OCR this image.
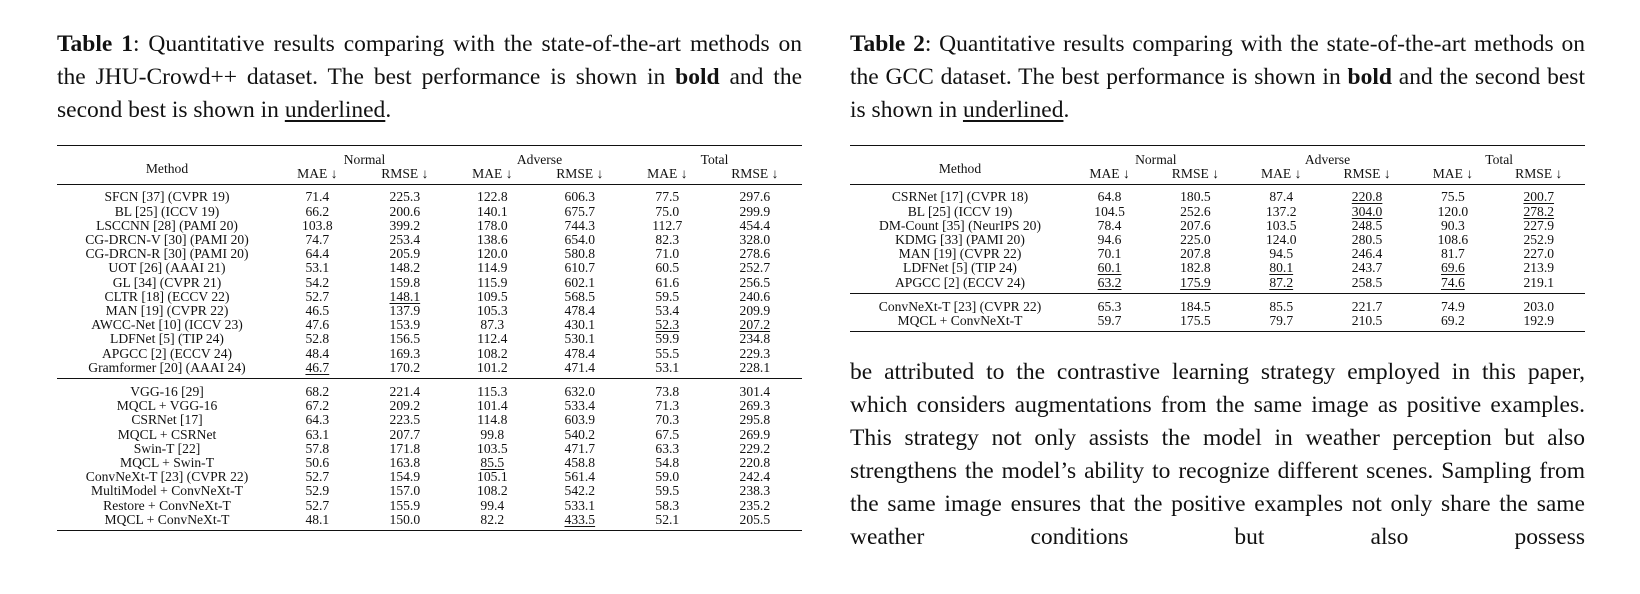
Table 1: Quantitative results comparing with the state-of-the-art methods on the JHU-Crowd++ dataset. The best performance is shown in bold and the second best is shown in underlined.

Method	Normal		Adverse		Total	
	MAE ↓	RMSE ↓	MAE ↓	RMSE ↓	MAE ↓	RMSE ↓
SFCN [37] (CVPR 19)	71.4	225.3	122.8	606.3	77.5	297.6
BL [25] (ICCV 19)	66.2	200.6	140.1	675.7	75.0	299.9
LSCCNN [28] (PAMI 20)	103.8	399.2	178.0	744.3	112.7	454.4
CG-DRCN-V [30] (PAMI 20)	74.7	253.4	138.6	654.0	82.3	328.0
CG-DRCN-R [30] (PAMI 20)	64.4	205.9	120.0	580.8	71.0	278.6
UOT [26] (AAAI 21)	53.1	148.2	114.9	610.7	60.5	252.7
GL [34] (CVPR 21)	54.2	159.8	115.9	602.1	61.6	256.5
CLTR [18] (ECCV 22)	52.7	148.1	109.5	568.5	59.5	240.6
MAN [19] (CVPR 22)	46.5	137.9	105.3	478.4	53.4	209.9
AWCC-Net [10] (ICCV 23)	47.6	153.9	87.3	430.1	52.3	207.2
LDFNet [5] (TIP 24)	52.8	156.5	112.4	530.1	59.9	234.8
APGCC [2] (ECCV 24)	48.4	169.3	108.2	478.4	55.5	229.3
Gramformer [20] (AAAI 24)	46.7	170.2	101.2	471.4	53.1	228.1
VGG-16 [29]	68.2	221.4	115.3	632.0	73.8	301.4
MQCL + VGG-16	67.2	209.2	101.4	533.4	71.3	269.3
CSRNet [17]	64.3	223.5	114.8	603.9	70.3	295.8
MQCL + CSRNet	63.1	207.7	99.8	540.2	67.5	269.9
Swin-T [22]	57.8	171.8	103.5	471.7	63.3	229.2
MQCL + Swin-T	50.6	163.8	85.5	458.8	54.8	220.8
ConvNeXt-T [23] (CVPR 22)	52.7	154.9	105.1	561.4	59.0	242.4
MultiModel + ConvNeXt-T	52.9	157.0	108.2	542.2	59.5	238.3
Restore + ConvNeXt-T	52.7	155.9	99.4	533.1	58.3	235.2
MQCL + ConvNeXt-T	48.1	150.0	82.2	433.5	52.1	205.5

Table 2: Quantitative results comparing with the state-of-the-art methods on the GCC dataset. The best performance is shown in bold and the second best is shown in underlined.

Method	Normal		Adverse		Total	
	MAE ↓	RMSE ↓	MAE ↓	RMSE ↓	MAE ↓	RMSE ↓
CSRNet [17] (CVPR 18)	64.8	180.5	87.4	220.8	75.5	200.7
BL [25] (ICCV 19)	104.5	252.6	137.2	304.0	120.0	278.2
DM-Count [35] (NeurIPS 20)	78.4	207.6	103.5	248.5	90.3	227.9
KDMG [33] (PAMI 20)	94.6	225.0	124.0	280.5	108.6	252.9
MAN [19] (CVPR 22)	70.1	207.8	94.5	246.4	81.7	227.0
LDFNet [5] (TIP 24)	60.1	182.8	80.1	243.7	69.6	213.9
APGCC [2] (ECCV 24)	63.2	175.9	87.2	258.5	74.6	219.1
ConvNeXt-T [23] (CVPR 22)	65.3	184.5	85.5	221.7	74.9	203.0
MQCL + ConvNeXt-T	59.7	175.5	79.7	210.5	69.2	192.9

be attributed to the contrastive learning strategy employed in this paper, which considers augmentations from the same image as positive examples. This strategy not only assists the model in weather perception but also strengthens the model’s ability to recognize different scenes. Sampling from the same image ensures that the positive examples not only share the same weather conditions but also possess
